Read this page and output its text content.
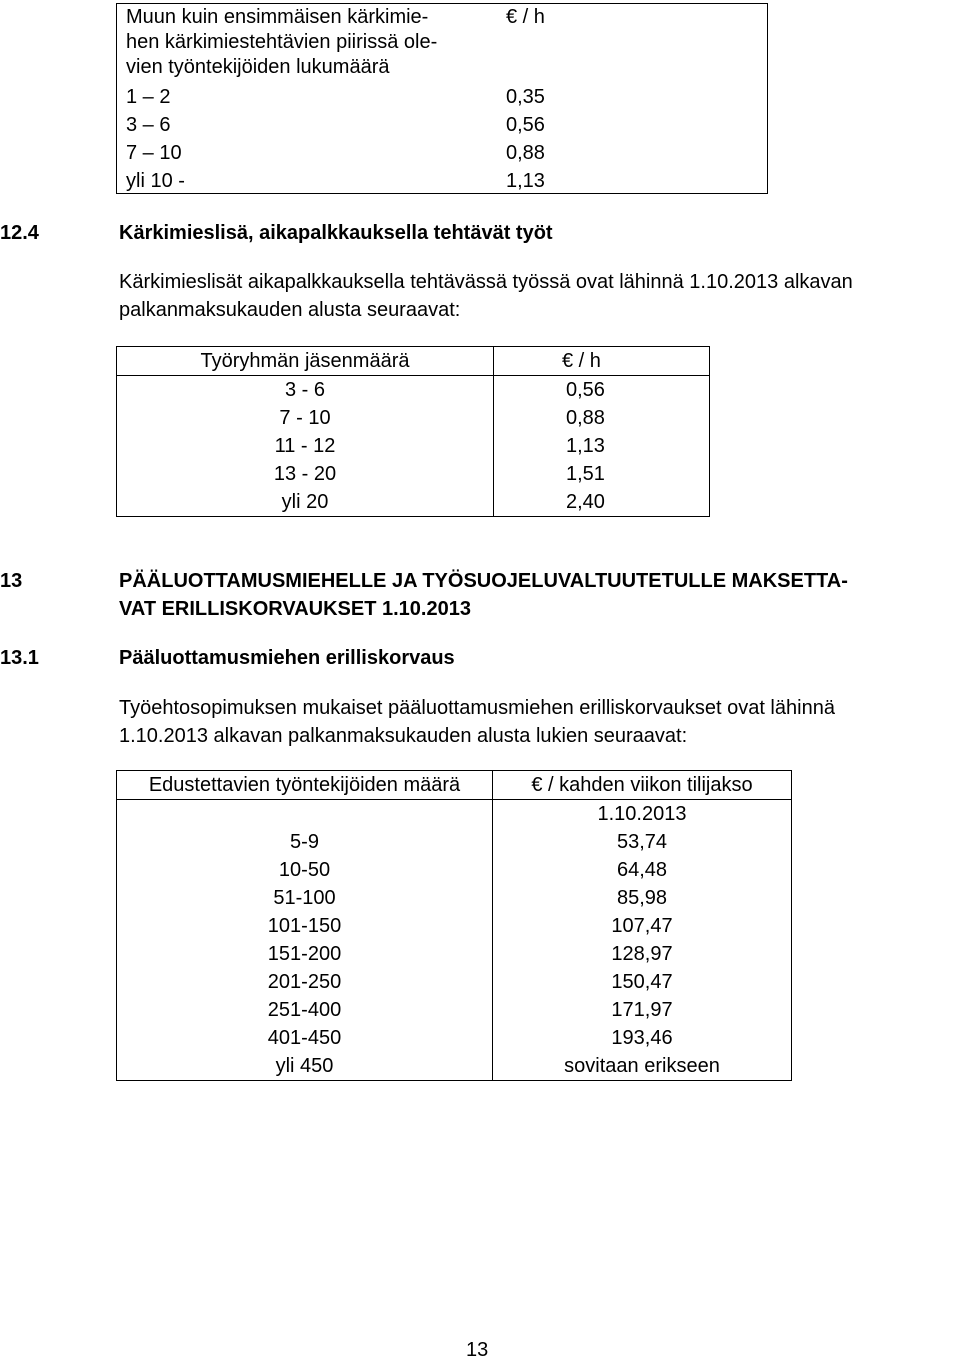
Muun kuin ensimmäisen kärkimie-
hen kärkimiestehtävien piirissä ole-
vien työntekijöiden lukumäärä
€ / h
1 – 2	0,35
3 – 6	0,56
7 – 10	0,88
yli 10 -	1,13
12.4	Kärkimieslisä, aikapalkkauksella tehtävät työt
Kärkimieslisät aikapalkkauksella tehtävässä työssä ovat lähinnä 1.10.2013 alkavan
palkanmaksukauden alusta seuraavat:
Työryhmän jäsenmäärä	€ / h
3 - 6	0,56
7 - 10	0,88
11 - 12	1,13
13 - 20	1,51
yli 20	2,40
13	PÄÄLUOTTAMUSMIEHELLE JA TYÖSUOJELUVALTUUTETULLE MAKSETTA-
VAT ERILLISKORVAUKSET 1.10.2013
13.1	Pääluottamusmiehen erilliskorvaus
Työehtosopimuksen mukaiset pääluottamusmiehen erilliskorvaukset ovat lähinnä
1.10.2013 alkavan palkanmaksukauden alusta lukien seuraavat:
Edustettavien työntekijöiden määrä	€ / kahden viikon tilijakso

	1.10.2013
5-9	53,74
10-50	64,48
51-100	85,98
101-150	107,47
151-200	128,97
201-250	150,47
251-400	171,97
401-450	193,46
yli 450	sovitaan erikseen
13
